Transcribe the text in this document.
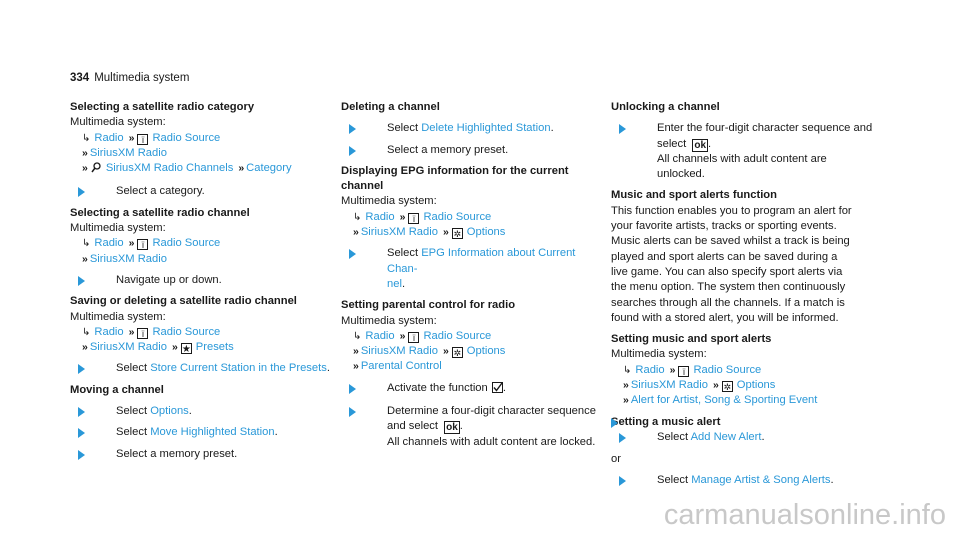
334 Multimedia system
Selecting a satellite radio category
Multimedia system:
↳ Radio » ï Radio Source
» SiriusXM Radio
» SiriusXM Radio Channels » Category
Select a category.
Selecting a satellite radio channel
Multimedia system:
↳ Radio » ï Radio Source
» SiriusXM Radio
Navigate up or down.
Saving or deleting a satellite radio channel
Multimedia system:
↳ Radio » ï Radio Source
» SiriusXM Radio » ★ Presets
Select Store Current Station in the Presets.
Moving a channel
Select Options.
Select Move Highlighted Station.
Select a memory preset.
Deleting a channel
Select Delete Highlighted Station.
Select a memory preset.
Displaying EPG information for the current
channel
Multimedia system:
↳ Radio » ï Radio Source
» SiriusXM Radio » ✲ Options
Select EPG Information about Current Chan-
nel.
Setting parental control for radio
Multimedia system:
↳ Radio » ï Radio Source
» SiriusXM Radio » ✲ Options
» Parental Control
Activate the function .
Determine a four-digit character sequence
and select ok .
All channels with adult content are locked.
Unlocking a channel
Enter the four-digit character sequence and
select ok .
All channels with adult content are unlocked.
Music and sport alerts function
This function enables you to program an alert for
your favorite artists, tracks or sporting events.
Music alerts can be saved whilst a track is being
played and sport alerts can be saved during a
live game. You can also specify sport alerts via
the menu option. The system then continuously
searches through all the channels. If a match is
found with a stored alert, you will be informed.
Setting music and sport alerts
Multimedia system:
↳ Radio » ï Radio Source
» SiriusXM Radio » ✲ Options
» Alert for Artist, Song & Sporting Event
Setting a music alert
Select Add New Alert.
or
Select Manage Artist & Song Alerts.
carmanualsonline.info
